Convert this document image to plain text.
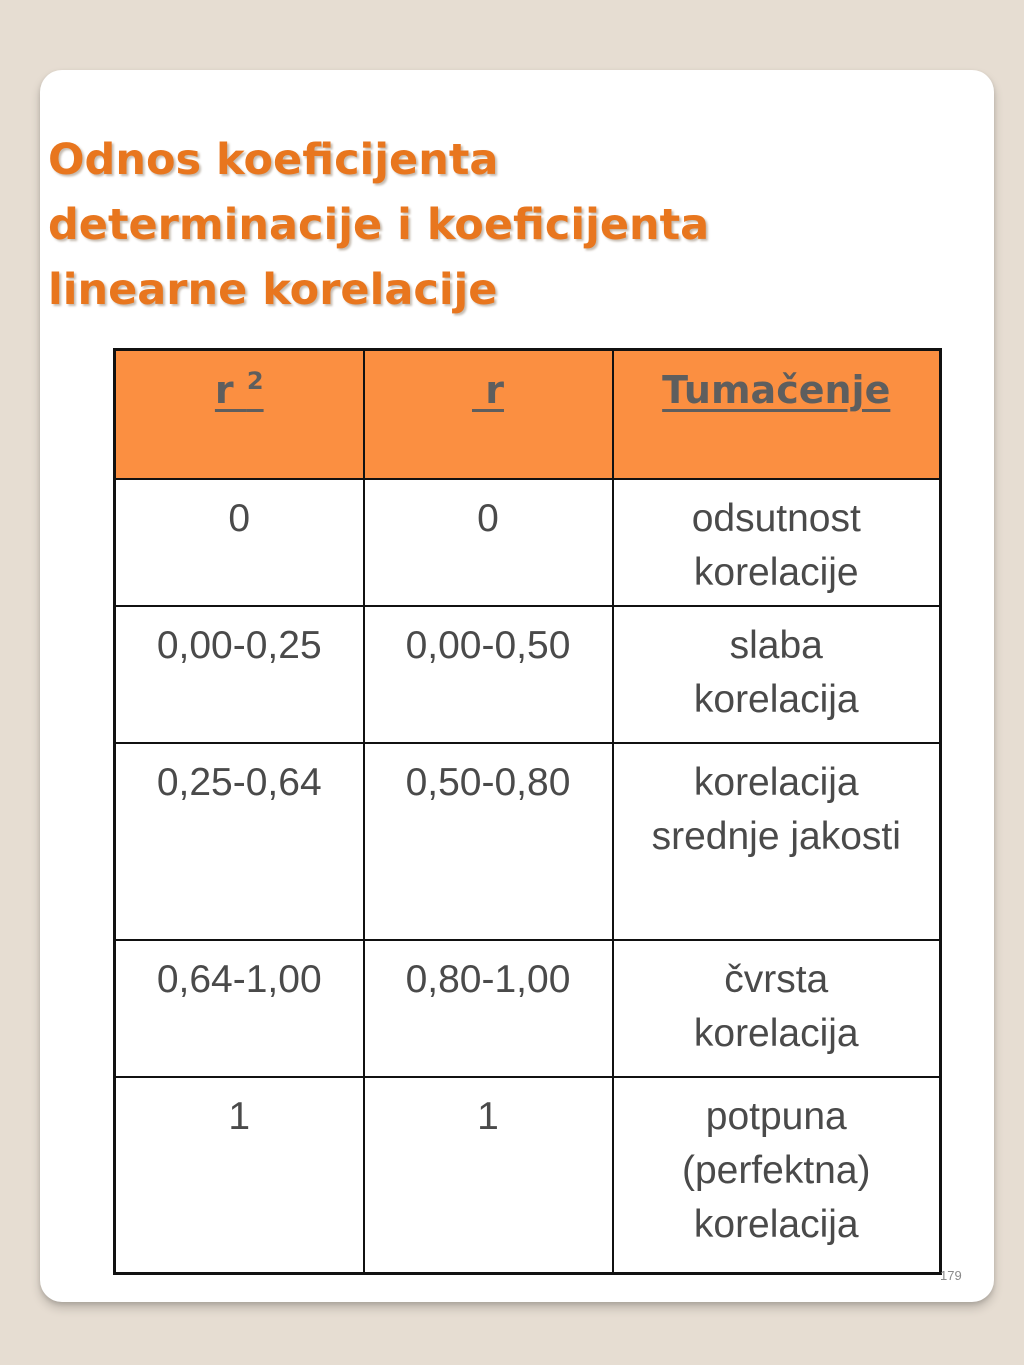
Odnos koeficijenta
determinacije i koeficijenta
linearne korelacije
r $^2$	r	Tumačenje
0	0	odsutnost
korelacije

0,00-0,25	0,00-0,50	slaba
korelacija

0,25-0,64	0,50-0,80	korelacija
srednje jakosti

0,64-1,00	0,80-1,00	čvrsta
korelacija

1	1	potpuna
(perfektna)
korelacija
179
